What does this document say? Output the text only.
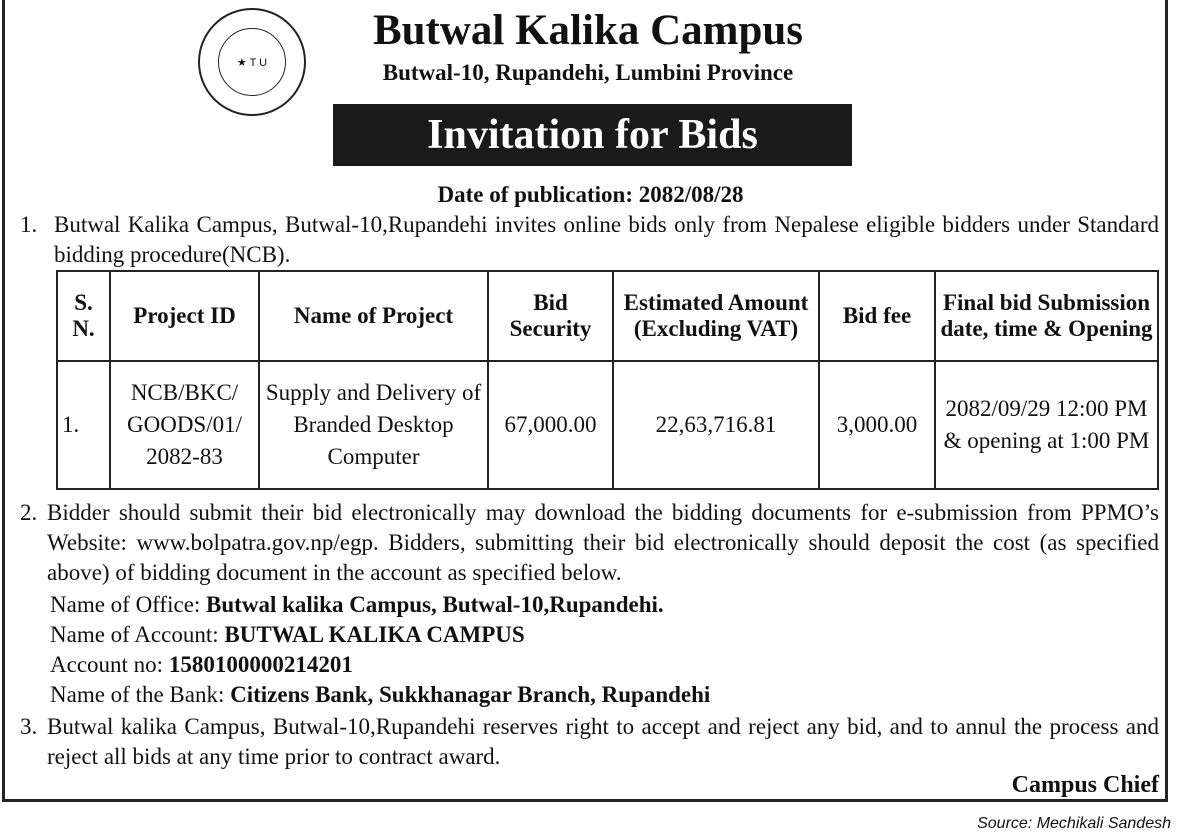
★ T U
Butwal Kalika Campus
Butwal-10, Rupandehi, Lumbini Province
Invitation for Bids
Date of publication: 2082/08/28
1. Butwal Kalika Campus, Butwal-10,Rupandehi invites online bids only from Nepalese eligible bidders under Standard bidding procedure(NCB).
S. N.	Project ID	Name of Project	Bid Security	Estimated Amount (Excluding VAT)	Bid fee	Final bid Submission date, time & Opening
1.	NCB/BKC/ GOODS/01/ 2082-83	Supply and Delivery of Branded Desktop Computer	67,000.00	22,63,716.81	3,000.00	2082/09/29 12:00 PM & opening at 1:00 PM
2. Bidder should submit their bid electronically may download the bidding documents for e-submission from PPMO’s Website: www.bolpatra.gov.np/egp. Bidders, submitting their bid electronically should deposit the cost (as specified above) of bidding document in the account as specified below.
Name of Office: Butwal kalika Campus, Butwal-10,Rupandehi.
Name of Account: BUTWAL KALIKA CAMPUS
Account no: 1580100000214201
Name of the Bank: Citizens Bank, Sukkhanagar Branch, Rupandehi
3. Butwal kalika Campus, Butwal-10,Rupandehi reserves right to accept and reject any bid, and to annul the process and reject all bids at any time prior to contract award.
Campus Chief
Source: Mechikali Sandesh
